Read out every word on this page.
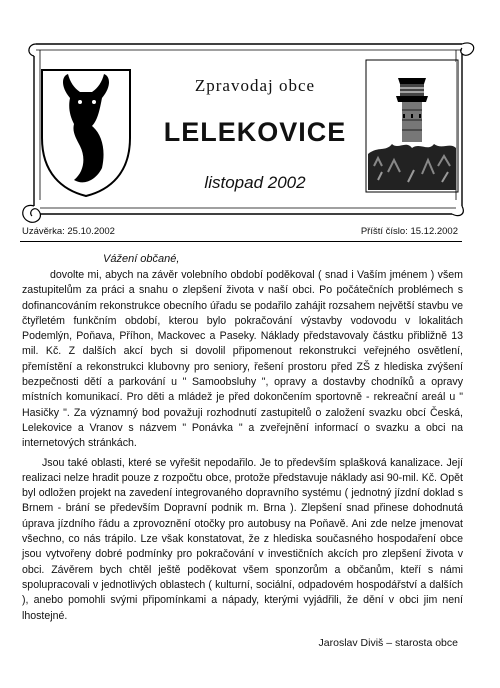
Zpravodaj obce
LELEKOVICE
listopad 2002
Uzávěrka: 25.10.2002	Příští číslo: 15.12.2002
Vážení občané,

dovolte mi, abych na závěr volebního období poděkoval ( snad i Vaším jménem ) všem zastupitelům za práci a snahu o zlepšení života v naší obci. Po počátečních problémech s dofinancováním rekonstrukce obecního úřadu se podařilo zahájit rozsahem největší stavbu ve čtyřletém funkčním období, kterou bylo pokračování výstavby vodovodu v lokalitách Podemlýn, Poňava, Příhon, Mackovec a Paseky. Náklady představovaly částku přibližně 13 mil. Kč. Z dalších akcí bych si dovolil připomenout rekonstrukci veřejného osvětlení, přemístění a rekonstrukci klubovny pro seniory, řešení prostoru před ZŠ z hlediska zvýšení bezpečnosti dětí a parkování u " Samoobsluhy ", opravy a dostavby chodníků a opravy místních komunikací. Pro děti a mládež je před dokončením sportovně - rekreační areál u " Hasičky ". Za významný bod považuji rozhodnutí zastupitelů o založení svazku obcí Česká, Lelekovice a Vranov s názvem " Ponávka " a zveřejnění informací o svazku a obci na internetových stránkách.

Jsou také oblasti, které se vyřešit nepodařilo. Je to především splašková kanalizace. Její realizaci nelze hradit pouze z rozpočtu obce, protože představuje náklady asi 90-mil. Kč. Opět byl odložen projekt na zavedení integrovaného dopravního systému ( jednotný jízdní doklad s Brnem - brání se především Dopravní podnik m. Brna ). Zlepšení snad přinese dohodnutá úprava jízdního řádu a zprovoznění otočky pro autobusy na Poňavě. Ani zde nelze jmenovat všechno, co nás trápilo. Lze však konstatovat, že z hlediska současného hospodaření obce jsou vytvořeny dobré podmínky pro pokračování v investičních akcích pro zlepšení života v obci. Závěrem bych chtěl ještě poděkovat všem sponzorům a občanům, kteří s námi spolupracovali v jednotlivých oblastech ( kulturní, sociální, odpadovém hospodářství a dalších ), anebo pomohli svými připomínkami a nápady, kterými vyjádřili, že dění v obci jim není lhostejné.

Jaroslav Diviš – starosta obce
